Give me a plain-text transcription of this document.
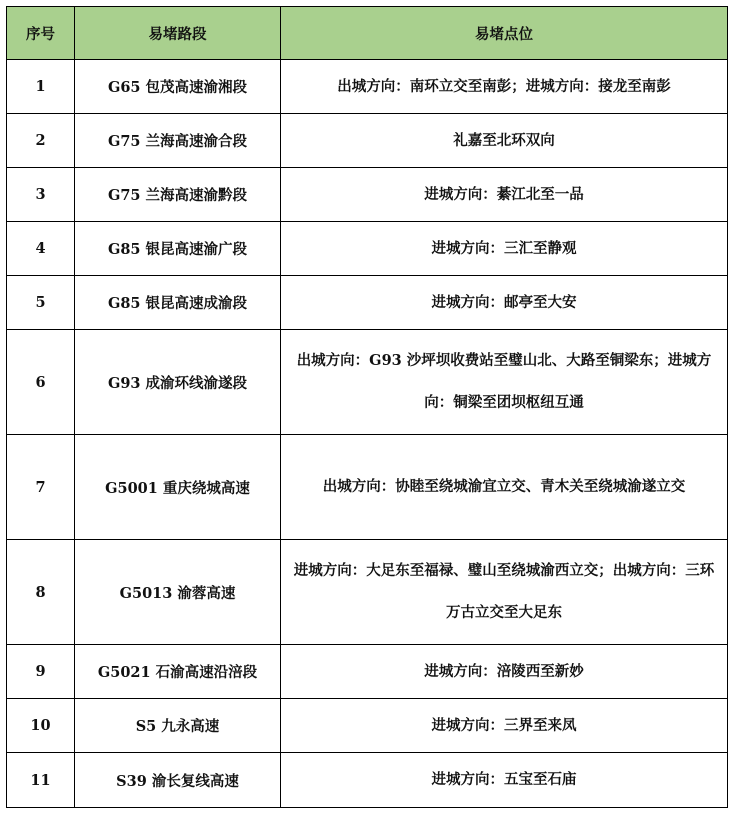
序号	易堵路段	易堵点位
1	G65 包茂高速渝湘段	出城方向：南环立交至南彭；进城方向：接龙至南彭
2	G75 兰海高速渝合段	礼嘉至北环双向
3	G75 兰海高速渝黔段	进城方向：綦江北至一品
4	G85 银昆高速渝广段	进城方向：三汇至静观
5	G85 银昆高速成渝段	进城方向：邮亭至大安
6	G93 成渝环线渝遂段	出城方向：G93 沙坪坝收费站至璧山北、大路至铜梁东；进城方向：铜梁至团坝枢纽互通
7	G5001 重庆绕城高速	出城方向：协睦至绕城渝宜立交、青木关至绕城渝遂立交
8	G5013 渝蓉高速	进城方向：大足东至福禄、璧山至绕城渝西立交；出城方向：三环万古立交至大足东
9	G5021 石渝高速沿涪段	进城方向：涪陵西至新妙
10	S5 九永高速	进城方向：三界至来凤
11	S39 渝长复线高速	进城方向：五宝至石庙
